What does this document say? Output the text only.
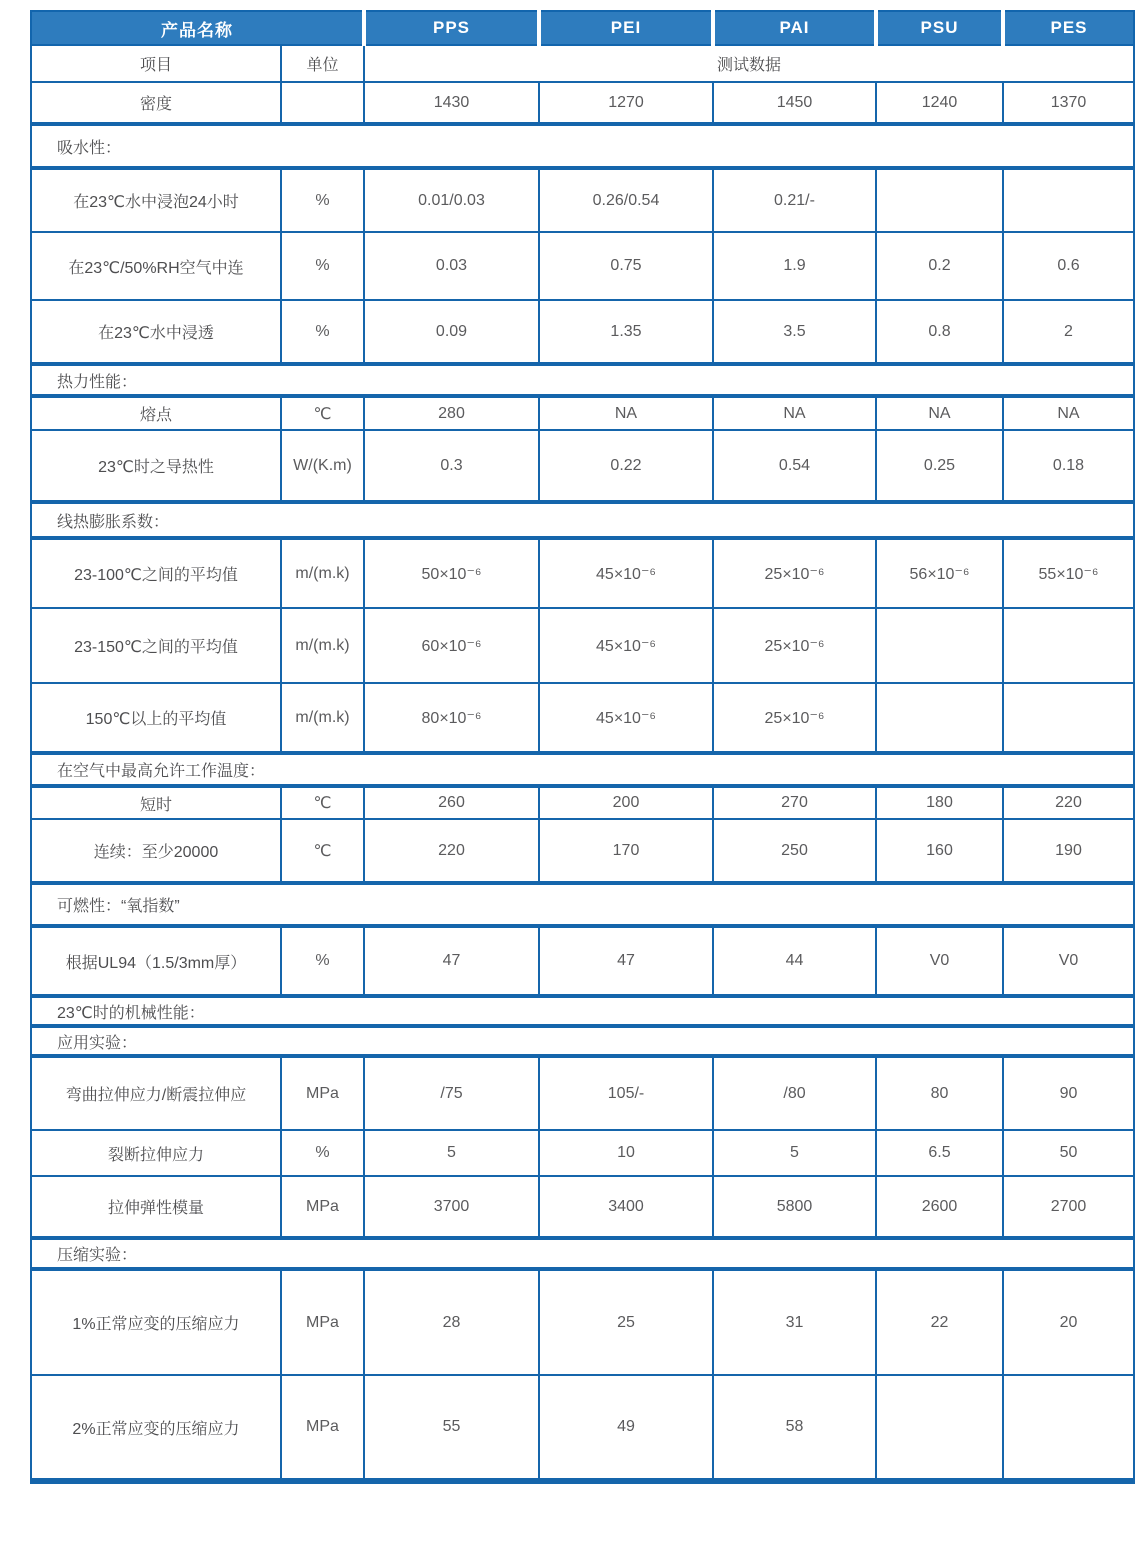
产品名称		PPS	PEI	PAI	PSU	PES
项目	单位	测试数据				
密度		1430	1270	1450	1240	1370
吸水性：						
在23℃水中浸泡24小时	%	0.01/0.03	0.26/0.54	0.21/-		
在23℃/50%RH空气中连	%	0.03	0.75	1.9	0.2	0.6
在23℃水中浸透	%	0.09	1.35	3.5	0.8	2
热力性能：						
熔点	℃	280	NA	NA	NA	NA
23℃时之导热性	W/(K.m)	0.3	0.22	0.54	0.25	0.18
线热膨胀系数：						
23-100℃之间的平均值	m/(m.k)	50×10⁻⁶	45×10⁻⁶	25×10⁻⁶	56×10⁻⁶	55×10⁻⁶
23-150℃之间的平均值	m/(m.k)	60×10⁻⁶	45×10⁻⁶	25×10⁻⁶		
150℃以上的平均值	m/(m.k)	80×10⁻⁶	45×10⁻⁶	25×10⁻⁶		
在空气中最高允许工作温度：						
短时	℃	260	200	270	180	220
连续：至少20000	℃	220	170	250	160	190
可燃性：“氧指数”						
根据UL94（1.5/3mm厚）	%	47	47	44	V0	V0
23℃时的机械性能：						
应用实验：						
弯曲拉伸应力/断震拉伸应	MPa	/75	105/-	/80	80	90
裂断拉伸应力	%	5	10	5	6.5	50
拉伸弹性模量	MPa	3700	3400	5800	2600	2700
压缩实验：						
1%正常应变的压缩应力	MPa	28	25	31	22	20
2%正常应变的压缩应力	MPa	55	49	58		
